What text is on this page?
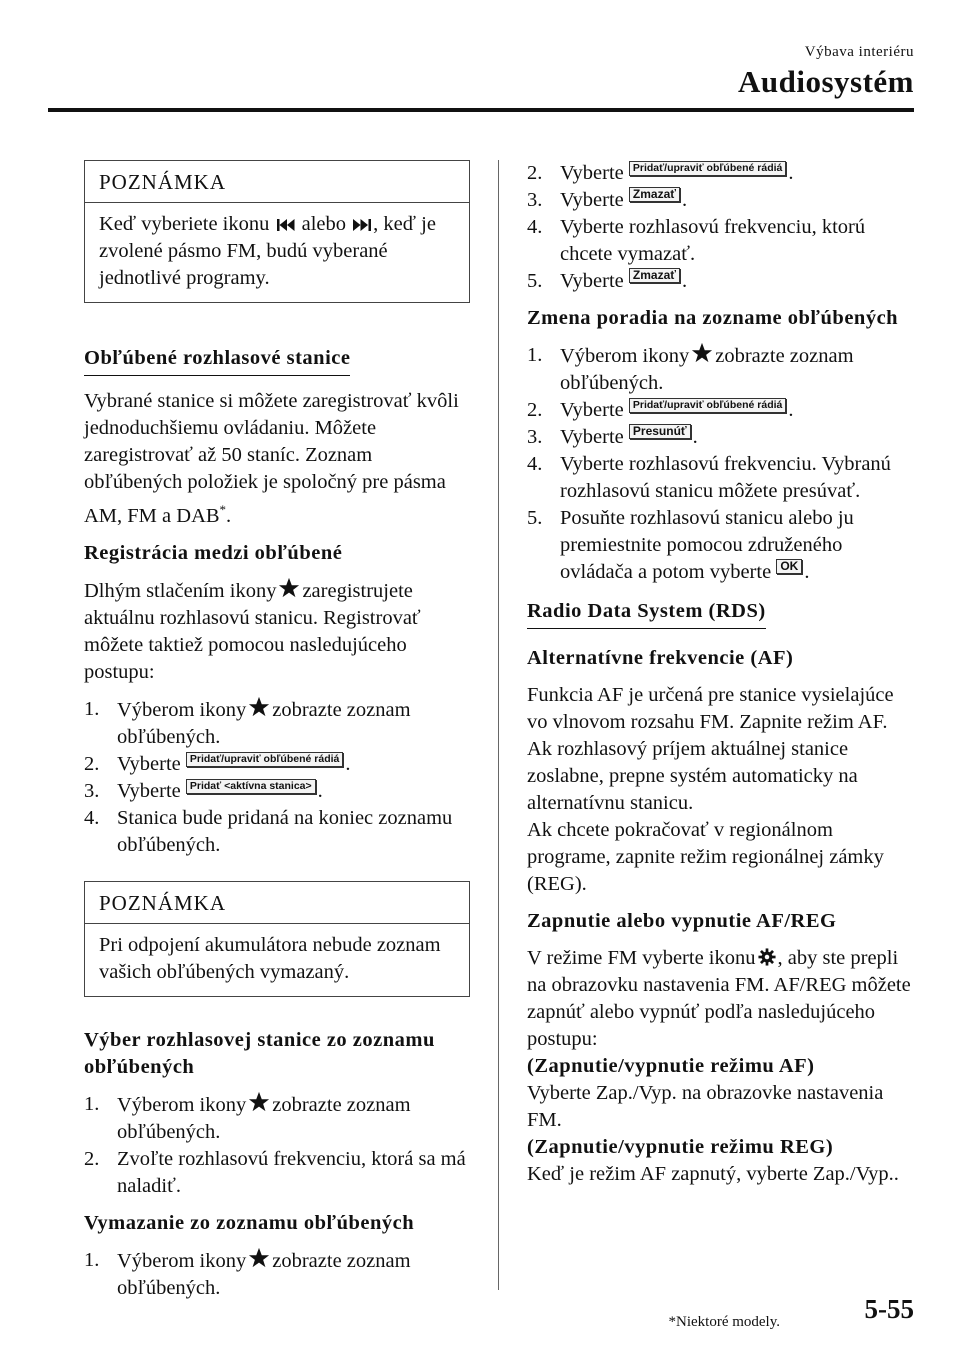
Výbava interiéru
Audiosystém
POZNÁMKA
Keď vyberiete ikonu alebo , keď je zvolené pásmo FM, budú vyberané jednotlivé programy.
Obľúbené rozhlasové stanice

Vybrané stanice si môžete zaregistrovať kvôli jednoduchšiemu ovládaniu. Môžete zaregistrovať až 50 staníc. Zoznam obľúbených položiek je spoločný pre pásma AM, FM a DAB*.

Registrácia medzi obľúbené

Dlhým stlačením ikony zaregistrujete aktuálnu rozhlasovú stanicu. Registrovať môžete taktiež pomocou nasledujúceho postupu:

1. Výberom ikony zobrazte zoznam obľúbených.
2. Vyberte Pridať/upraviť obľúbené rádiá .
3. Vyberte Pridať <aktívna stanica> .
4. Stanica bude pridaná na koniec zoznamu obľúbených.
POZNÁMKA
Pri odpojení akumulátora nebude zoznam vašich obľúbených vymazaný.
Výber rozhlasovej stanice zo zoznamu obľúbených
1. Výberom ikony zobrazte zoznam obľúbených.
2. Zvoľte rozhlasovú frekvenciu, ktorá sa má naladiť.
Vymazanie zo zoznamu obľúbených
1. Výberom ikony zobrazte zoznam obľúbených.
2. Vyberte Pridať/upraviť obľúbené rádiá .
3. Vyberte Zmazať .
4. Vyberte rozhlasovú frekvenciu, ktorú chcete vymazať.
5. Vyberte Zmazať .
Zmena poradia na zozname obľúbených
1. Výberom ikony zobrazte zoznam obľúbených.
2. Vyberte Pridať/upraviť obľúbené rádiá .
3. Vyberte Presunúť .
4. Vyberte rozhlasovú frekvenciu. Vybranú rozhlasovú stanicu môžete presúvať.
5. Posuňte rozhlasovú stanicu alebo ju premiestnite pomocou združeného ovládača a potom vyberte OK .
Radio Data System (RDS)
Alternatívne frekvencie (AF)

Funkcia AF je určená pre stanice vysielajúce vo vlnovom rozsahu FM. Zapnite režim AF. Ak rozhlasový príjem aktuálnej stanice zoslabne, prepne systém automaticky na alternatívnu stanicu.

Ak chcete pokračovať v regionálnom programe, zapnite režim regionálnej zámky (REG).

Zapnutie alebo vypnutie AF/REG

V režime FM vyberte ikonu , aby ste prepli na obrazovku nastavenia FM. AF/REG môžete zapnúť alebo vypnúť podľa nasledujúceho postupu:

(Zapnutie/vypnutie režimu AF)

Vyberte Zap./Vyp. na obrazovke nastavenia FM.

(Zapnutie/vypnutie režimu REG)

Keď je režim AF zapnutý, vyberte Zap./Vyp..

*Niektoré modely.	5-55
